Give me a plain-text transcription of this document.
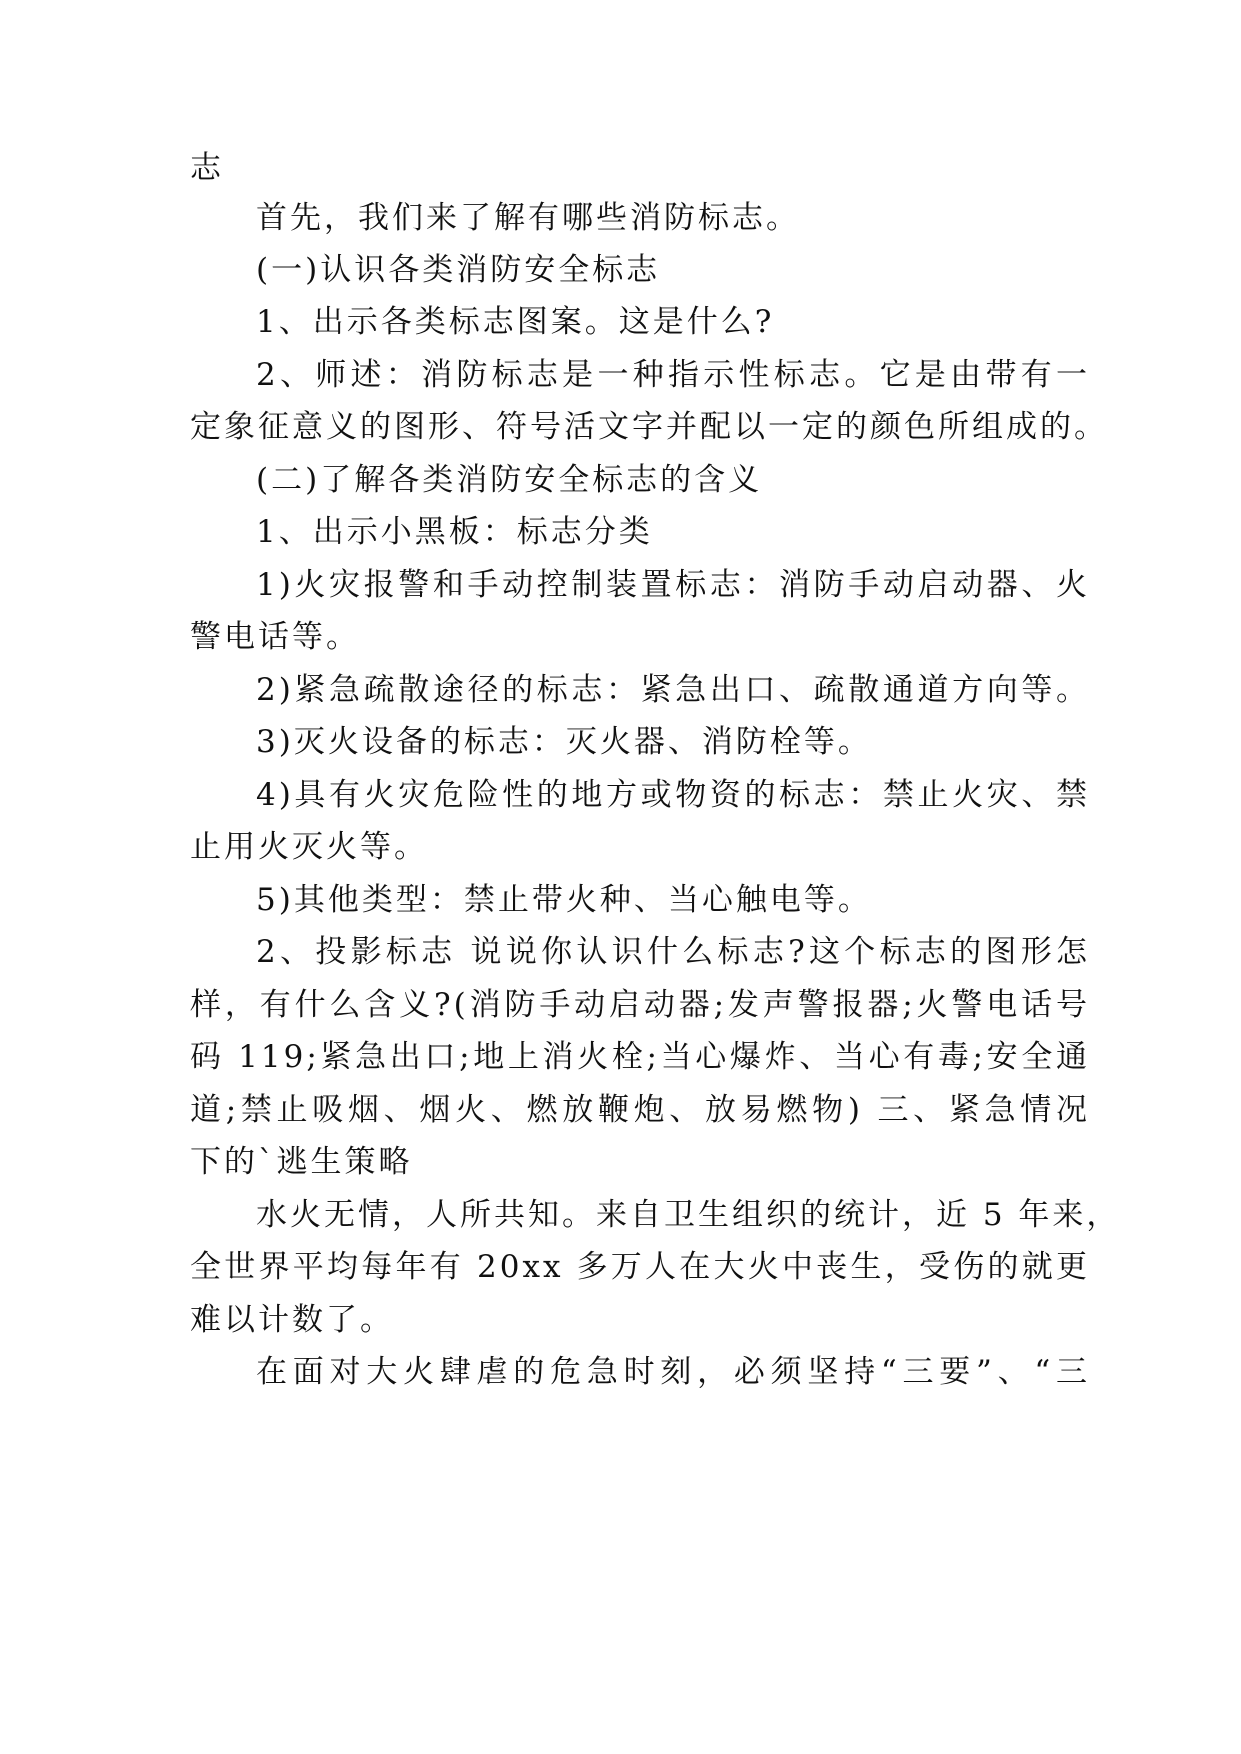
志
首先，我们来了解有哪些消防标志。
(一)认识各类消防安全标志
1、出示各类标志图案。这是什么?
2、师述：消防标志是一种指示性标志。它是由带有一
定象征意义的图形、符号活文字并配以一定的颜色所组成的。
(二)了解各类消防安全标志的含义
1、出示小黑板：标志分类
1)火灾报警和手动控制装置标志：消防手动启动器、火
警电话等。
2)紧急疏散途径的标志：紧急出口、疏散通道方向等。
3)灭火设备的标志：灭火器、消防栓等。
4)具有火灾危险性的地方或物资的标志：禁止火灾、禁
止用火灭火等。
5)其他类型：禁止带火种、当心触电等。
2、投影标志 说说你认识什么标志?这个标志的图形怎
样，有什么含义?(消防手动启动器;发声警报器;火警电话号
码 119;紧急出口;地上消火栓;当心爆炸、当心有毒;安全通
道;禁止吸烟、烟火、燃放鞭炮、放易燃物) 三、紧急情况
下的`逃生策略
水火无情，人所共知。来自卫生组织的统计，近 5 年来，
全世界平均每年有 20xx 多万人在大火中丧生，受伤的就更
难以计数了。
在面对大火肆虐的危急时刻，必须坚持“三要”、“三
